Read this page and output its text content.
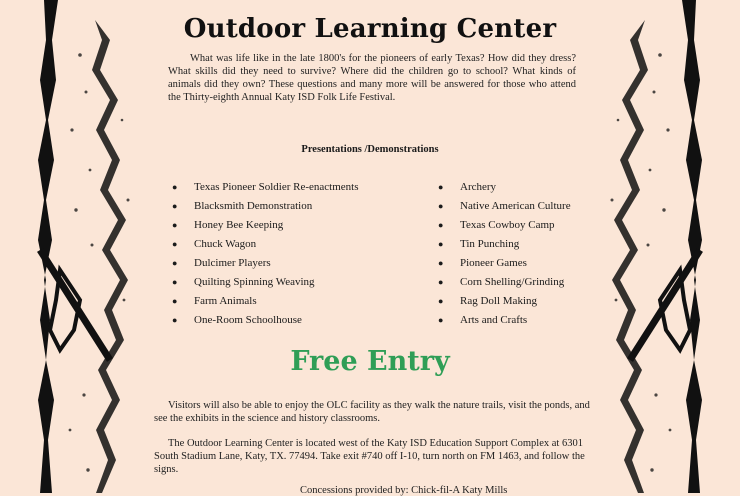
Outdoor Learning Center

What was life like in the late 1800's for the pioneers of early Texas? How did they dress? What skills did they need to survive? Where did the children go to school? What kinds of animals did they own? These questions and many more will be answered for those who attend the Thirty-eighth Annual Katy ISD Folk Life Festival.

Presentations /Demonstrations
●	Texas Pioneer Soldier Re-enactments
●	Blacksmith Demonstration
●	Honey Bee Keeping
●	Chuck Wagon
●	Dulcimer Players
●	Quilting Spinning Weaving
●	Farm Animals
●	One-Room Schoolhouse
●	Archery
●	Native American Culture
●	Texas Cowboy Camp
●	Tin Punching
●	Pioneer Games
●	Corn Shelling/Grinding
●	Rag Doll Making
●	Arts and Crafts
Free Entry

Visitors will also be able to enjoy the OLC facility as they walk the nature trails, visit the ponds, and see the exhibits in the science and history classrooms.

The Outdoor Learning Center is located west of the Katy ISD Education Support Complex at 6301 South Stadium Lane, Katy, TX. 77494. Take exit #740 off I-10, turn north on FM 1463, and follow the signs.

Concessions provided by: Chick-fil-A Katy Mills
